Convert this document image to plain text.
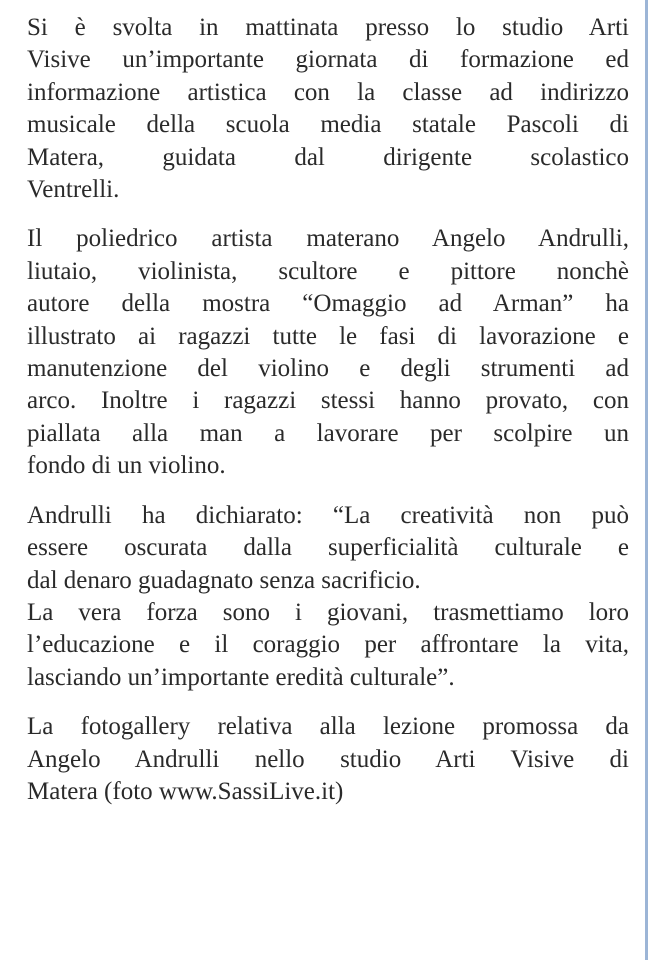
Si è svolta in mattinata presso lo studio Arti
Visive un’importante giornata di formazione ed
informazione artistica con la classe ad indirizzo
musicale della scuola media statale Pascoli di
Matera, guidata dal dirigente scolastico
Ventrelli.

Il poliedrico artista materano Angelo Andrulli,
liutaio, violinista, scultore e pittore nonchè
autore della mostra “Omaggio ad Arman” ha
illustrato ai ragazzi tutte le fasi di lavorazione e
manutenzione del violino e degli strumenti ad
arco. Inoltre i ragazzi stessi hanno provato, con
piallata alla man a lavorare per scolpire un
fondo di un violino.

Andrulli ha dichiarato: “La creatività non può
essere oscurata dalla superficialità culturale e
dal denaro guadagnato senza sacrificio.
La vera forza sono i giovani, trasmettiamo loro
l’educazione e il coraggio per affrontare la vita,
lasciando un’importante eredità culturale”.

La fotogallery relativa alla lezione promossa da
Angelo Andrulli nello studio Arti Visive di
Matera (foto www.SassiLive.it)
